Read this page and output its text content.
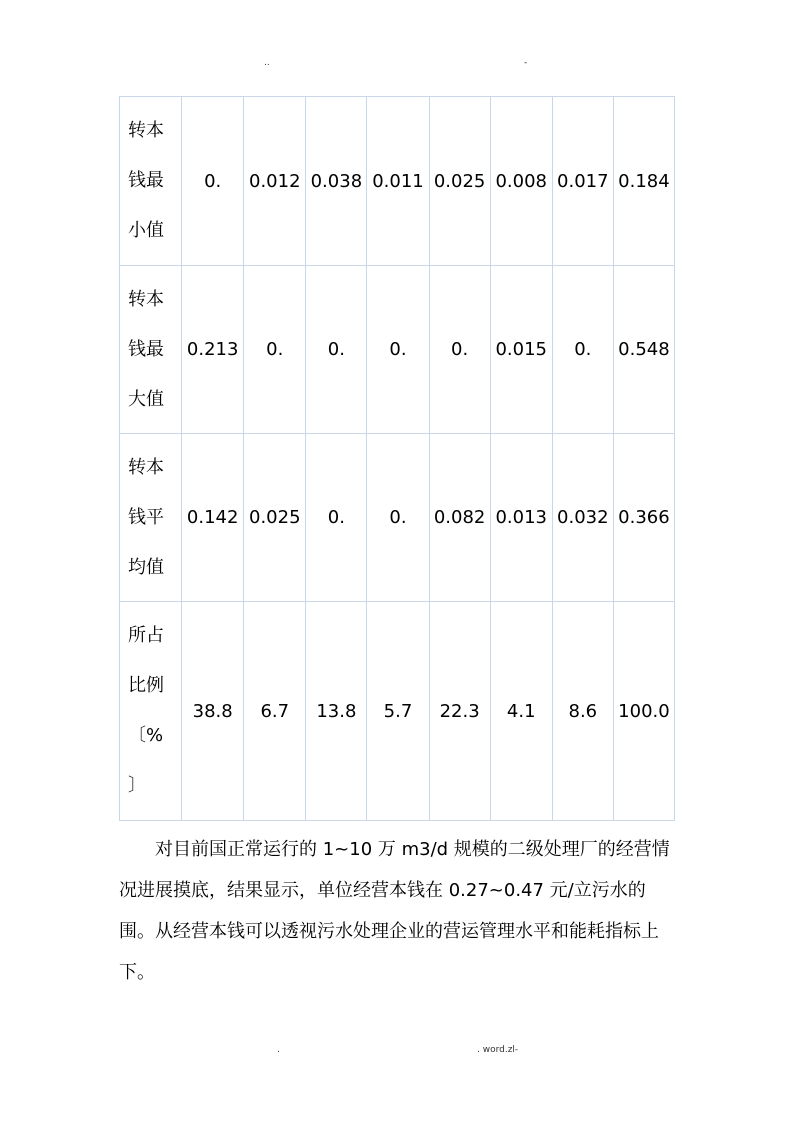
..	-
转本
钱最
小值	0.	0.012	0.038	0.011	0.025	0.008	0.017	0.184

转本
钱最
大值	0.213	0.	0.	0.	0.	0.015	0.	0.548

转本
钱平
均值	0.142	0.025	0.	0.	0.082	0.013	0.032	0.366

所占
比例
〔%
〕	38.8	6.7	13.8	5.7	22.3	4.1	8.6	100.0

对目前国正常运行的 1~10 万 m3/d 规模的二级处理厂的经营情况进展摸底，结果显示，单位经营本钱在 0.27~0.47 元/立污水的围。从经营本钱可以透视污水处理企业的营运管理水平和能耗指标上下。

.	. word.zl-
